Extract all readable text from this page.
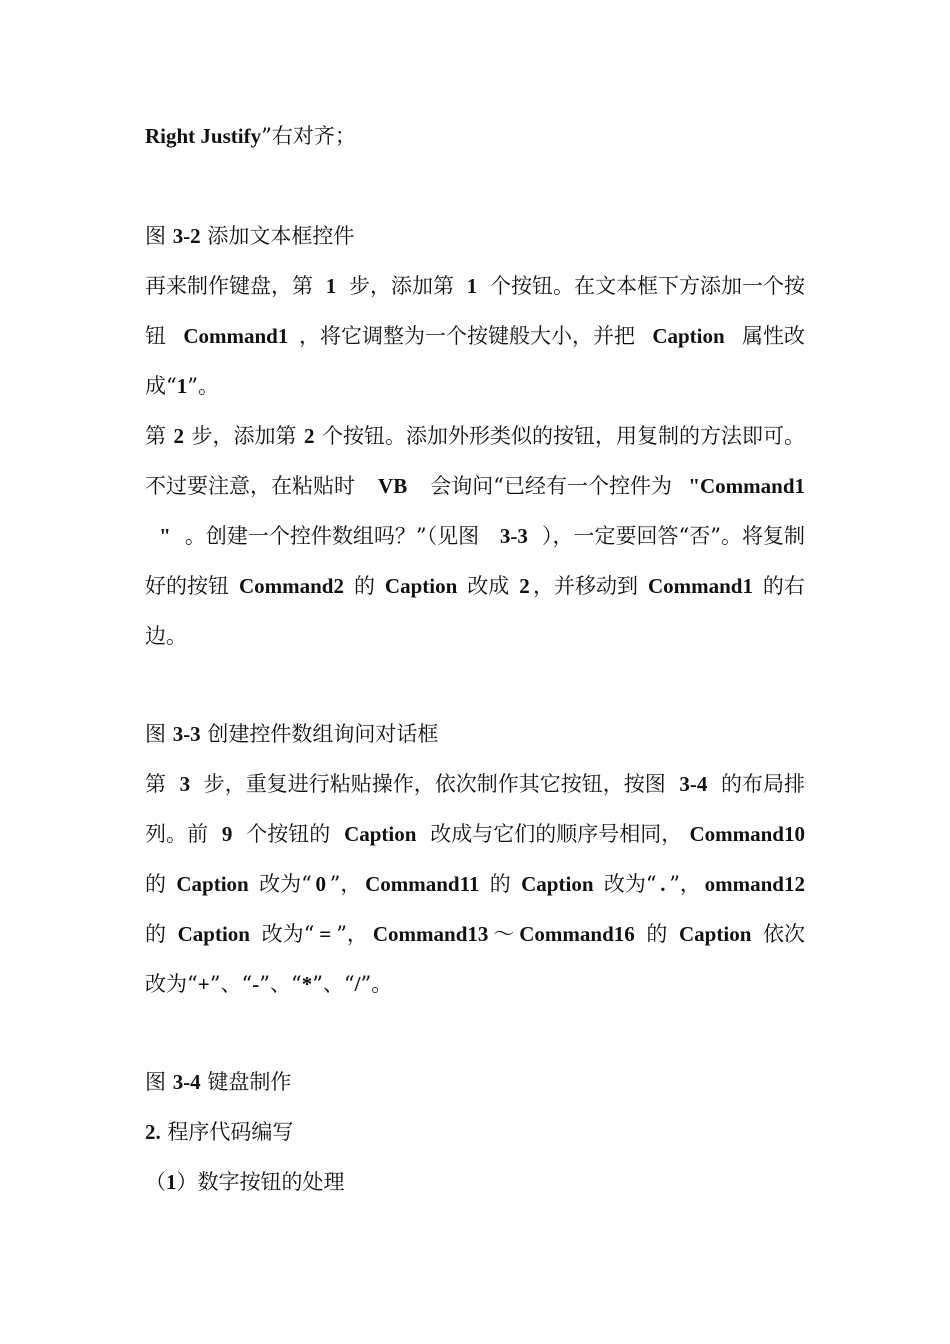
Right Justify”右对齐；
图 3-2 添加文本框控件
再来制作键盘，第 1 步，添加第 1 个按钮。在文本框下方添加一个按
钮 Command1 ，将它调整为一个按键般大小，并把 Caption 属性改
成“1”。
第 2 步，添加第 2 个按钮。添加外形类似的按钮，用复制的方法即可。
不过要注意，在粘贴时 VB 会询问“已经有一个控件为 "Command1
" 。创建一个控件数组吗？”（见图 3-3 ），一定要回答“否”。将复制
好的按钮 Command2 的 Caption 改成 2 ，并移动到 Command1 的右
边。
图 3-3 创建控件数组询问对话框
第 3 步，重复进行粘贴操作，依次制作其它按钮，按图 3-4 的布局排
列。前 9 个按钮的 Caption 改成与它们的顺序号相同， Command10
的 Caption 改为“ 0 ”， Command11 的 Caption 改为“ . ”， ommand12
的 Caption 改为“ = ”， Command13 ～ Command16 的 Caption 依次
改为“+”、“-”、“*”、“/”。
图 3-4 键盘制作
2. 程序代码编写
（1）数字按钮的处理
